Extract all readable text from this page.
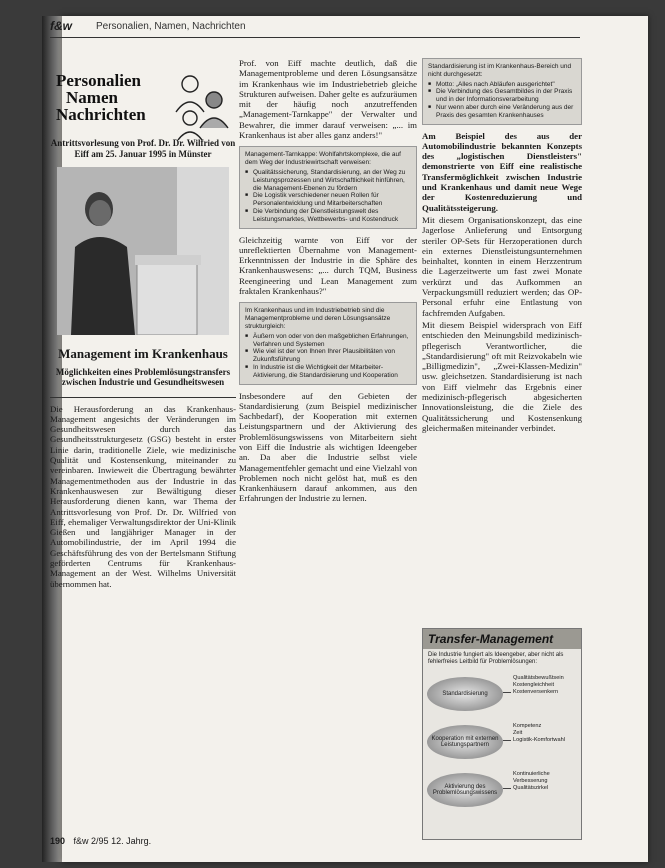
f&w Personalien, Namen, Nachrichten
Personalien
Namen
Nachrichten
Antrittsvorlesung von Prof. Dr. Dr. Wilfried von Eiff am 25. Januar 1995 in Münster
Management im Krankenhaus
Möglichkeiten eines Problemlösungstransfers zwischen Industrie und Gesundheitswesen

Die Herausforderung an das Krankenhaus-Management angesichts der Veränderungen im Gesundheitswesen durch das Gesundheitsstrukturgesetz (GSG) besteht in erster Linie darin, traditionelle Ziele, wie medizinische Qualität und Kostensenkung, miteinander zu vereinbaren. Inwieweit die Übertragung bewährter Managementmethoden aus der Industrie in das Krankenhauswesen zur Bewältigung dieser Herausforderung dienen kann, war Thema der Antrittsvorlesung von Prof. Dr. Dr. Wilfried von Eiff, ehemaliger Verwaltungsdirektor der Uni-Klinik Gießen und langjähriger Manager in der Automobilindustrie, der im April 1994 die Geschäftsführung des von der Bertelsmann Stiftung geförderten Centrums für Krankenhaus-Management an der West. Wilhelms Universität übernommen hat.

Prof. von Eiff machte deutlich, daß die Managementprobleme und deren Lösungsansätze im Krankenhaus wie im Industriebetrieb gleiche Strukturen aufweisen. Daher gelte es aufzuräumen mit der häufig noch anzutreffenden „Management-Tarnkappe" der Verwalter und Bewahrer, die immer darauf verweisen: „... im Krankenhaus ist aber alles ganz anders!"

Management-Tarnkappe: Wohlfahrtskomplexe, die auf dem Weg der Industriewirtschaft verweisen:
■ Qualitätssicherung, Standardisierung, an der Weg zu Leistungsprozessen und Wirtschaftlichkeit hinführen, die Management-Ebenen zu fördern
■ Die Logistik verschiedener neuen Rollen für Personalentwicklung und Mitarbeiterschaften
■ Die Verbindung der Dienstleistungswelt des Leistungsmarktes, Wettbewerbs- und Kostendruck

Gleichzeitig warnte von Eiff vor der unreflektierten Übernahme von Management-Erkenntnissen der Industrie in die Sphäre des Krankenhauswesens: „... durch TQM, Business Reengineering und Lean Management zum fraktalen Krankenhaus?"

Im Krankenhaus und im Industriebetrieb sind die Managementprobleme und deren Lösungsansätze strukturgleich:
■ Äußern von oder von den maßgeblichen Erfahrungen, Verfahren und Systemen
■ Wie viel ist der von Ihnen Ihrer Plausibilitäten von Zukunftsführung
■ In Industrie ist die Wichtigkeit der Mitarbeiter-Aktivierung, die Standardisierung und Kooperation

Insbesondere auf den Gebieten der Standardisierung (zum Beispiel medizinischer Sachbedarf), der Kooperation mit externen Leistungspartnern und der Aktivierung des Problemlösungswissens von Mitarbeitern sieht von Eiff die Industrie als wichtigen Ideengeber an. Da aber die Industrie selbst viele Managementfehler gemacht und eine Vielzahl von Problemen noch nicht gelöst hat, muß es den Krankenhäusern darauf ankommen, aus den Erfahrungen der Industrie zu lernen.

Standardisierung ist im Krankenhaus-Bereich und nicht durchgesetzt:
■ Motto: „Alles nach Abläufen ausgerichtet"
■ Die Verbindung des Gesamtbildes in der Praxis und in der Informationsverarbeitung
■ Nur wenn aber durch eine Veränderung aus der Praxis des gesamten Krankenhauses

Am Beispiel des aus der Automobilindustrie bekannten Konzepts des „logistischen Dienstleisters" demonstrierte von Eiff eine realistische Transfermöglichkeit zwischen Industrie und Krankenhaus und damit neue Wege der Kostenreduzierung und Qualitätssteigerung.

Mit diesem Organisationskonzept, das eine Jagerlose Anlieferung und Entsorgung steriler OP-Sets für Herzoperationen durch ein externes Dienstleistungsunternehmen beinhaltet, konnten in einem Herzzentrum die Lagerzeitwerte um fast zwei Monate verkürzt und das Aufkommen an Verpackungsmüll reduziert werden; das OP-Personal erfuhr eine Entlastung von fachfremden Aufgaben.

Mit diesem Beispiel widersprach von Eiff entschieden den Meinungsbild medizinisch-pflegerisch Verantwortlicher, die „Standardisierung" oft mit Reizvokabeln wie „Billigmedizin", „Zwei-Klassen-Medizin" usw. gleichsetzen. Standardisierung ist nach von Eiff vielmehr das Ergebnis einer medizinisch-pflegerisch abgesicherten Innovationsleistung, die die Ziele des Qualitätssicherung und Kostensenkung gleichermaßen miteinander verbindet.

Transfer-Management
Die Industrie fungiert als Ideengeber, aber nicht als fehlerfreies Leitbild für Problemlösungen:
Standardisierung
Qualitätsbewußtsein
Kostengleichheit
Kostenversenkern
Kooperation mit externen Leistungspartnern
Kompetenz
Zeit
Logistik-Komfortwahl
Aktivierung des Problemlösungswissens
Kontinuierliche Verbesserung
Qualitätszirkel
190 f&w 2/95 12. Jahrg.
